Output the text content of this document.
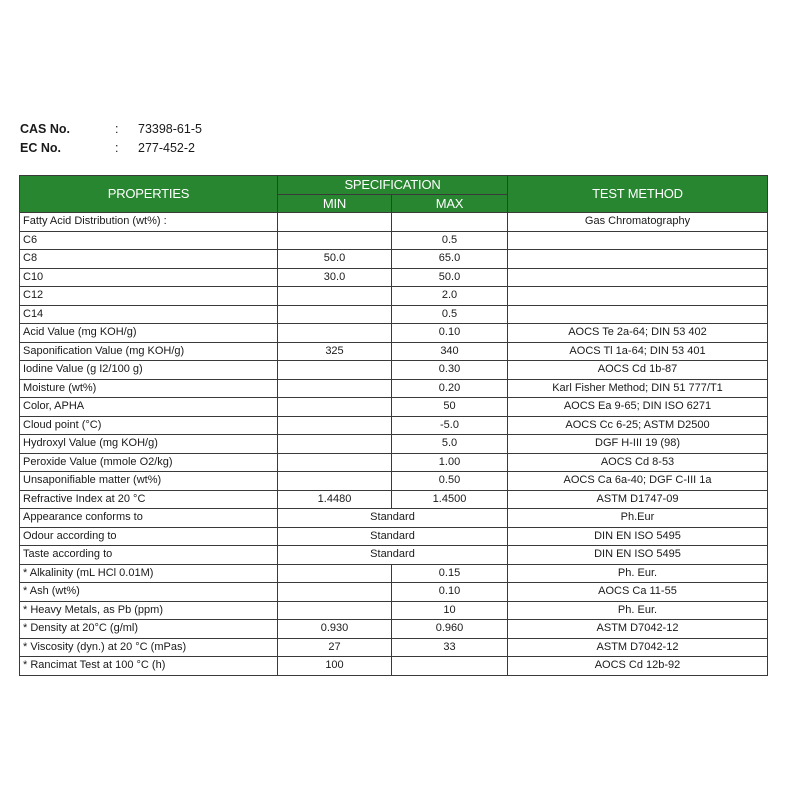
CAS No.	: 73398-61-5
EC No.	: 277-452-2
PROPERTIES	SPECIFICATION		TEST METHOD
	MIN	MAX	
Fatty Acid Distribution (wt%) :			Gas Chromatography
C6		0.5	
C8	50.0	65.0	
C10	30.0	50.0	
C12		2.0	
C14		0.5	
Acid Value (mg KOH/g)		0.10	AOCS Te 2a-64; DIN 53 402
Saponification Value (mg KOH/g)	325	340	AOCS Tl 1a-64; DIN 53 401
Iodine Value (g I2/100 g)		0.30	AOCS Cd 1b-87
Moisture (wt%)		0.20	Karl Fisher Method; DIN 51 777/T1
Color, APHA		50	AOCS Ea 9-65; DIN ISO 6271
Cloud point (°C)		-5.0	AOCS Cc 6-25; ASTM D2500
Hydroxyl Value (mg KOH/g)		5.0	DGF H-III 19 (98)
Peroxide Value (mmole O2/kg)		1.00	AOCS Cd 8-53
Unsaponifiable matter (wt%)		0.50	AOCS Ca 6a-40; DGF C-III 1a
Refractive Index at 20 °C	1.4480	1.4500	ASTM D1747-09
Appearance conforms to	Standard		Ph.Eur
Odour according to	Standard		DIN EN ISO 5495
Taste according to	Standard		DIN EN ISO 5495
* Alkalinity (mL HCl 0.01M)		0.15	Ph. Eur.
* Ash (wt%)		0.10	AOCS Ca 11-55
* Heavy Metals, as Pb (ppm)		10	Ph. Eur.
* Density at 20°C (g/ml)	0.930	0.960	ASTM D7042-12
* Viscosity (dyn.) at 20 °C (mPas)	27	33	ASTM D7042-12
* Rancimat Test at 100 °C (h)	100		AOCS Cd 12b-92
